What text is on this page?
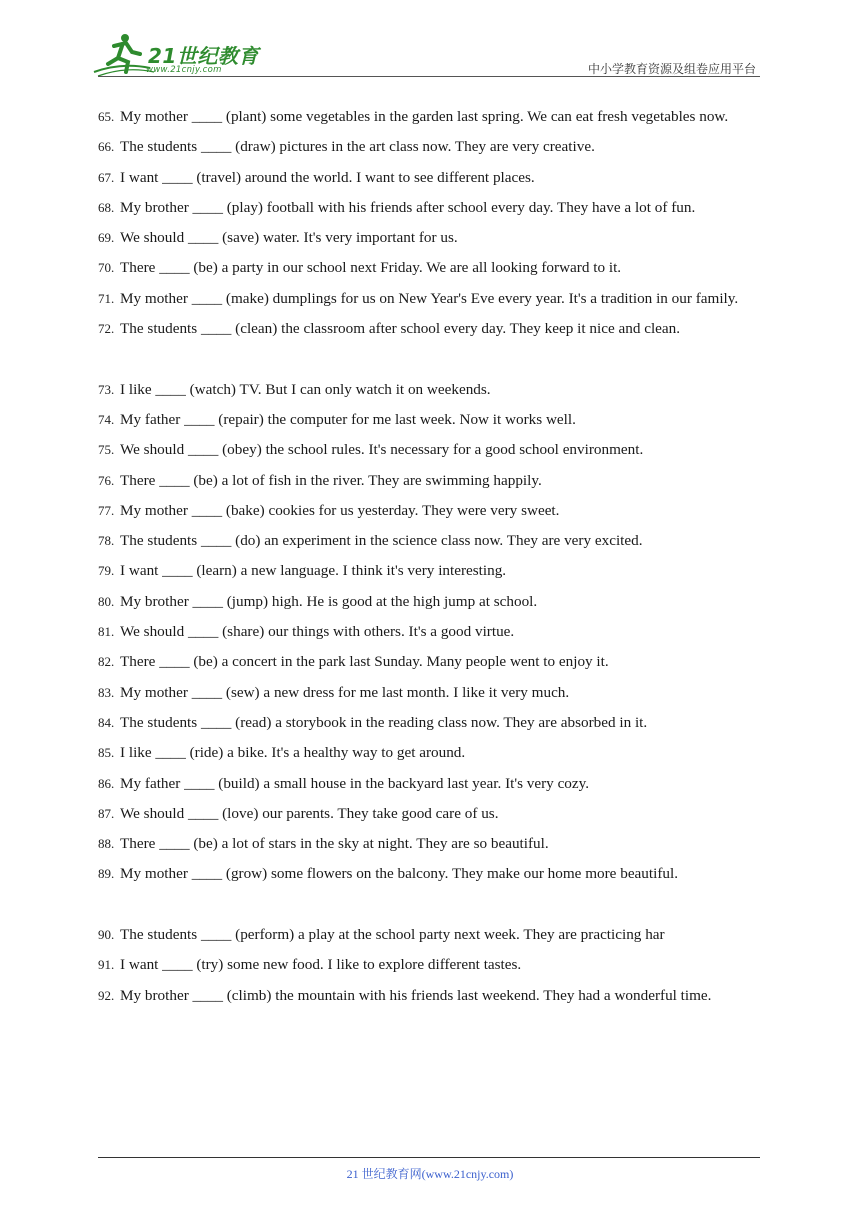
21世纪教育
www.21cnjy.com	中小学教育资源及组卷应用平台

65. My mother ____ (plant) some vegetables in the garden last spring. We can eat fresh vegetables now.

66. The students ____ (draw) pictures in the art class now. They are very creative.

67. I want ____ (travel) around the world. I want to see different places.

68. My brother ____ (play) football with his friends after school every day. They have a lot of fun.

69. We should ____ (save) water. It's very important for us.

70. There ____ (be) a party in our school next Friday. We are all looking forward to it.

71. My mother ____ (make) dumplings for us on New Year's Eve every year. It's a tradition in our family.

72. The students ____ (clean) the classroom after school every day. They keep it nice and clean.

73. I like ____ (watch) TV. But I can only watch it on weekends.

74. My father ____ (repair) the computer for me last week. Now it works well.

75. We should ____ (obey) the school rules. It's necessary for a good school environment.

76. There ____ (be) a lot of fish in the river. They are swimming happily.

77. My mother ____ (bake) cookies for us yesterday. They were very sweet.

78. The students ____ (do) an experiment in the science class now. They are very excited.

79. I want ____ (learn) a new language. I think it's very interesting.

80. My brother ____ (jump) high. He is good at the high jump at school.

81. We should ____ (share) our things with others. It's a good virtue.

82. There ____ (be) a concert in the park last Sunday. Many people went to enjoy it.

83. My mother ____ (sew) a new dress for me last month. I like it very much.

84. The students ____ (read) a storybook in the reading class now. They are absorbed in it.

85. I like ____ (ride) a bike. It's a healthy way to get around.

86. My father ____ (build) a small house in the backyard last year. It's very cozy.

87. We should ____ (love) our parents. They take good care of us.

88. There ____ (be) a lot of stars in the sky at night. They are so beautiful.

89. My mother ____ (grow) some flowers on the balcony. They make our home more beautiful.

90. The students ____ (perform) a play at the school party next week. They are practicing har

91. I want ____ (try) some new food. I like to explore different tastes.

92. My brother ____ (climb) the mountain with his friends last weekend. They had a wonderful time.

21 世纪教育网(www.21cnjy.com)
